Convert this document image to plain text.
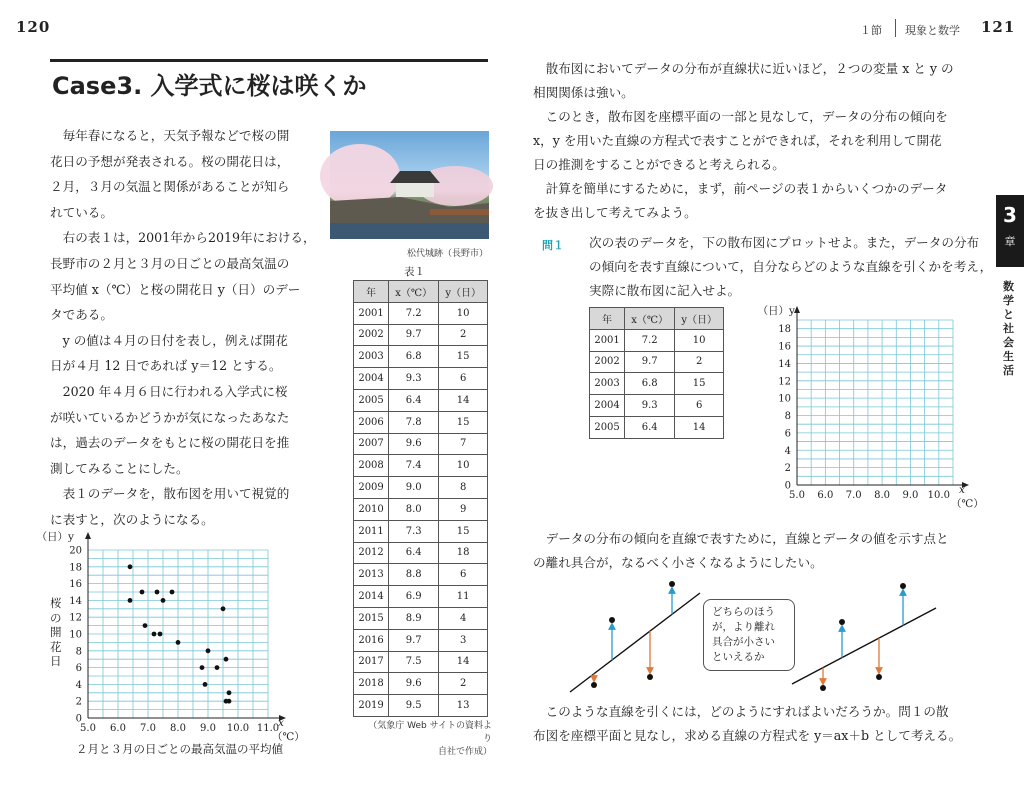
120
Case3. 入学式に桜は咲くか
　毎年春になると，天気予報などで桜の開
花日の予想が発表される。桜の開花日は，
２月，３月の気温と関係があることが知ら
れている。
　右の表１は，2001年から2019年における，
長野市の２月と３月の日ごとの最高気温の
平均値 x（℃）と桜の開花日 y（日）のデー
タである。
　y の値は４月の日付を表し，例えば開花
日が４月 12 日であれば y＝12 とする。
　2020 年４月６日に行われる入学式に桜
が咲いているかどうかが気になったあなた
は，過去のデータをもとに桜の開花日を推
測してみることにした。
　表１のデータを，散布図を用いて視覚的
に表すと，次のようになる。
松代城跡（長野市）
表１
年	x（℃）	y（日）
2001	7.2	10
2002	9.7	2
2003	6.8	15
2004	9.3	6
2005	6.4	14
2006	7.8	15
2007	9.6	7
2008	7.4	10
2009	9.0	8
2010	8.0	9
2011	7.3	15
2012	6.4	18
2013	8.8	6
2014	6.9	11
2015	8.9	4
2016	9.7	3
2017	7.5	14
2018	9.6	2
2019	9.5	13
（気象庁 Web サイトの資料より
自社で作成）
5.0 6.0 7.0 8.0 9.0 10.0 11.0
0
2
4
6
8
10
12
14
16
18
20
（日）y
x
（℃）
桜の開花日
２月と３月の日ごとの最高気温の平均値
１節 現象と数学 121
3
章
数学と社会生活
　散布図においてデータの分布が直線状に近いほど，２つの変量 x と y の
相関関係は強い。
　このとき，散布図を座標平面の一部と見なして，データの分布の傾向を
x，y を用いた直線の方程式で表すことができれば，それを利用して開花
日の推測をすることができると考えられる。
　計算を簡単にするために，まず，前ページの表１からいくつかのデータ
を抜き出して考えてみよう。
問１ 次の表のデータを，下の散布図にプロットせよ。また，データの分布
の傾向を表す直線について，自分ならどのような直線を引くかを考え，
実際に散布図に記入せよ。
年	x（℃）	y（日）
2001	7.2	10
2002	9.7	2
2003	6.8	15
2004	9.3	6
2005	6.4	14
5.0 6.0 7.0 8.0 9.0 10.0
0
2
4
6
8
10
12
14
16
18
（日）y
x
（℃）
　データの分布の傾向を直線で表すために，直線とデータの値を示す点と
の離れ具合が，なるべく小さくなるようにしたい。
どちらのほう
が，より離れ
具合が小さい
といえるか
　このような直線を引くには，どのようにすればよいだろうか。問１の散
布図を座標平面と見なし，求める直線の方程式を y＝ax＋b として考える。
